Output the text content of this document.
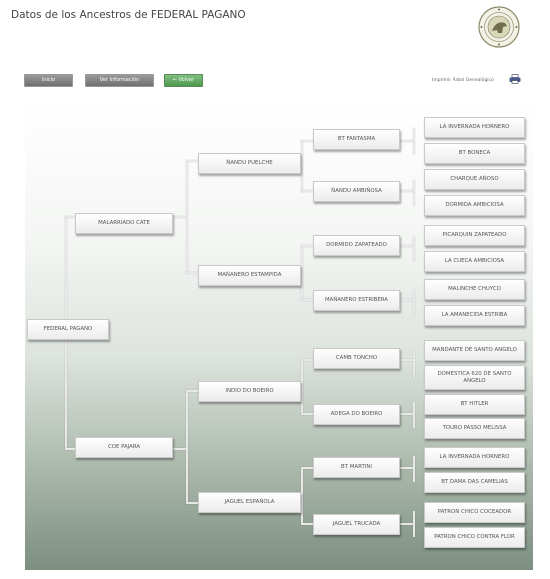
Datos de los Ancestros de FEDERAL PAGANO
Inicio	Ver Información	← Volver	Imprimir Árbol Genealógico
FEDERAL PAGANO
MALARRIADO CATE
COE PAJARA
ÑANDU PUELCHE
MAÑANERO ESTAMPIDA
INDIO DO BOEIRO
JAGUEL ESPAÑOLA
BT FANTASMA
ÑANDU AMBIÑOSA
DORMIDO ZAPATEADO
MAÑANERO ESTRIBERA
CAMB TONCHO
ADEGA DO BOEIRO
BT MARTINI
JAGUEL TRUCADA
LA INVERNADA HORNERO
BT BONECA
CHARQUE AÑOSO
DORMIDA AMBICIOSA
PICARQUIN ZAPATEADO
LA CUECA AMBICIOSA
MALINCHE CHUYCO
LA AMANECIDA ESTRIBA
MANDANTE DE SANTO ANGELO
DOMESTICA 620 DE SANTO ANGELO
BT HITLER
TOURO PASSO MELISSA
LA INVERNADA HORNERO
BT DAMA DAS CAMELIAS
PATRON CHICO COCEADOR
PATRON CHICO CONTRA FLOR
